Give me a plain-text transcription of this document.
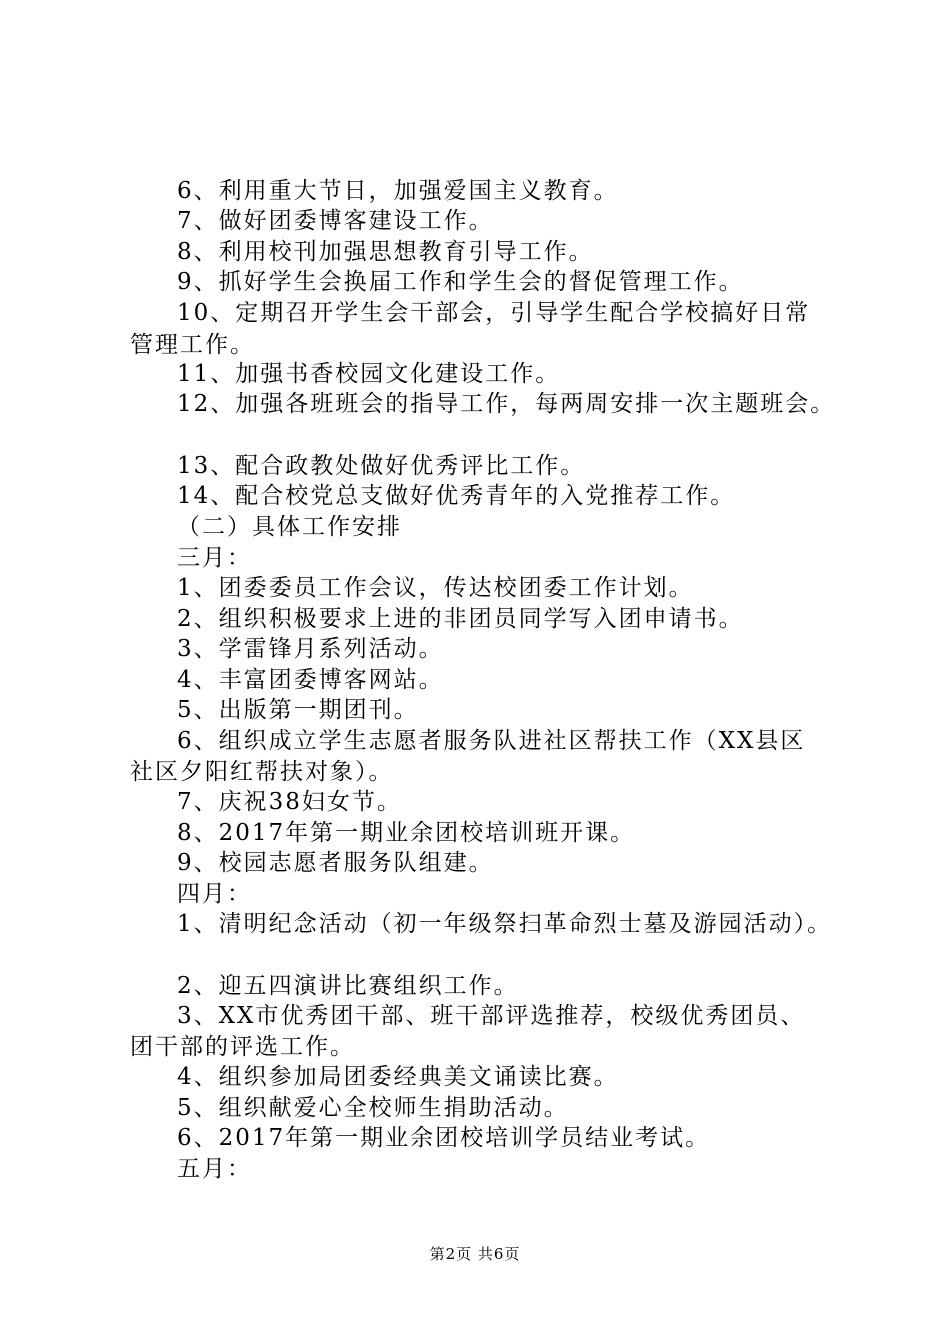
6、利用重大节日，加强爱国主义教育。
7、做好团委博客建设工作。
8、利用校刊加强思想教育引导工作。
9、抓好学生会换届工作和学生会的督促管理工作。
10、定期召开学生会干部会，引导学生配合学校搞好日常
管理工作。
11、加强书香校园文化建设工作。
12、加强各班班会的指导工作，每两周安排一次主题班会。
13、配合政教处做好优秀评比工作。
14、配合校党总支做好优秀青年的入党推荐工作。
（二）具体工作安排
三月：
1、团委委员工作会议，传达校团委工作计划。
2、组织积极要求上进的非团员同学写入团申请书。
3、学雷锋月系列活动。
4、丰富团委博客网站。
5、出版第一期团刊。
6、组织成立学生志愿者服务队进社区帮扶工作（XX县区
社区夕阳红帮扶对象）。
7、庆祝38妇女节。
8、2017年第一期业余团校培训班开课。
9、校园志愿者服务队组建。
四月：
1、清明纪念活动（初一年级祭扫革命烈士墓及游园活动）。
2、迎五四演讲比赛组织工作。
3、XX市优秀团干部、班干部评选推荐，校级优秀团员、
团干部的评选工作。
4、组织参加局团委经典美文诵读比赛。
5、组织献爱心全校师生捐助活动。
6、2017年第一期业余团校培训学员结业考试。
五月：
第2页 共6页
